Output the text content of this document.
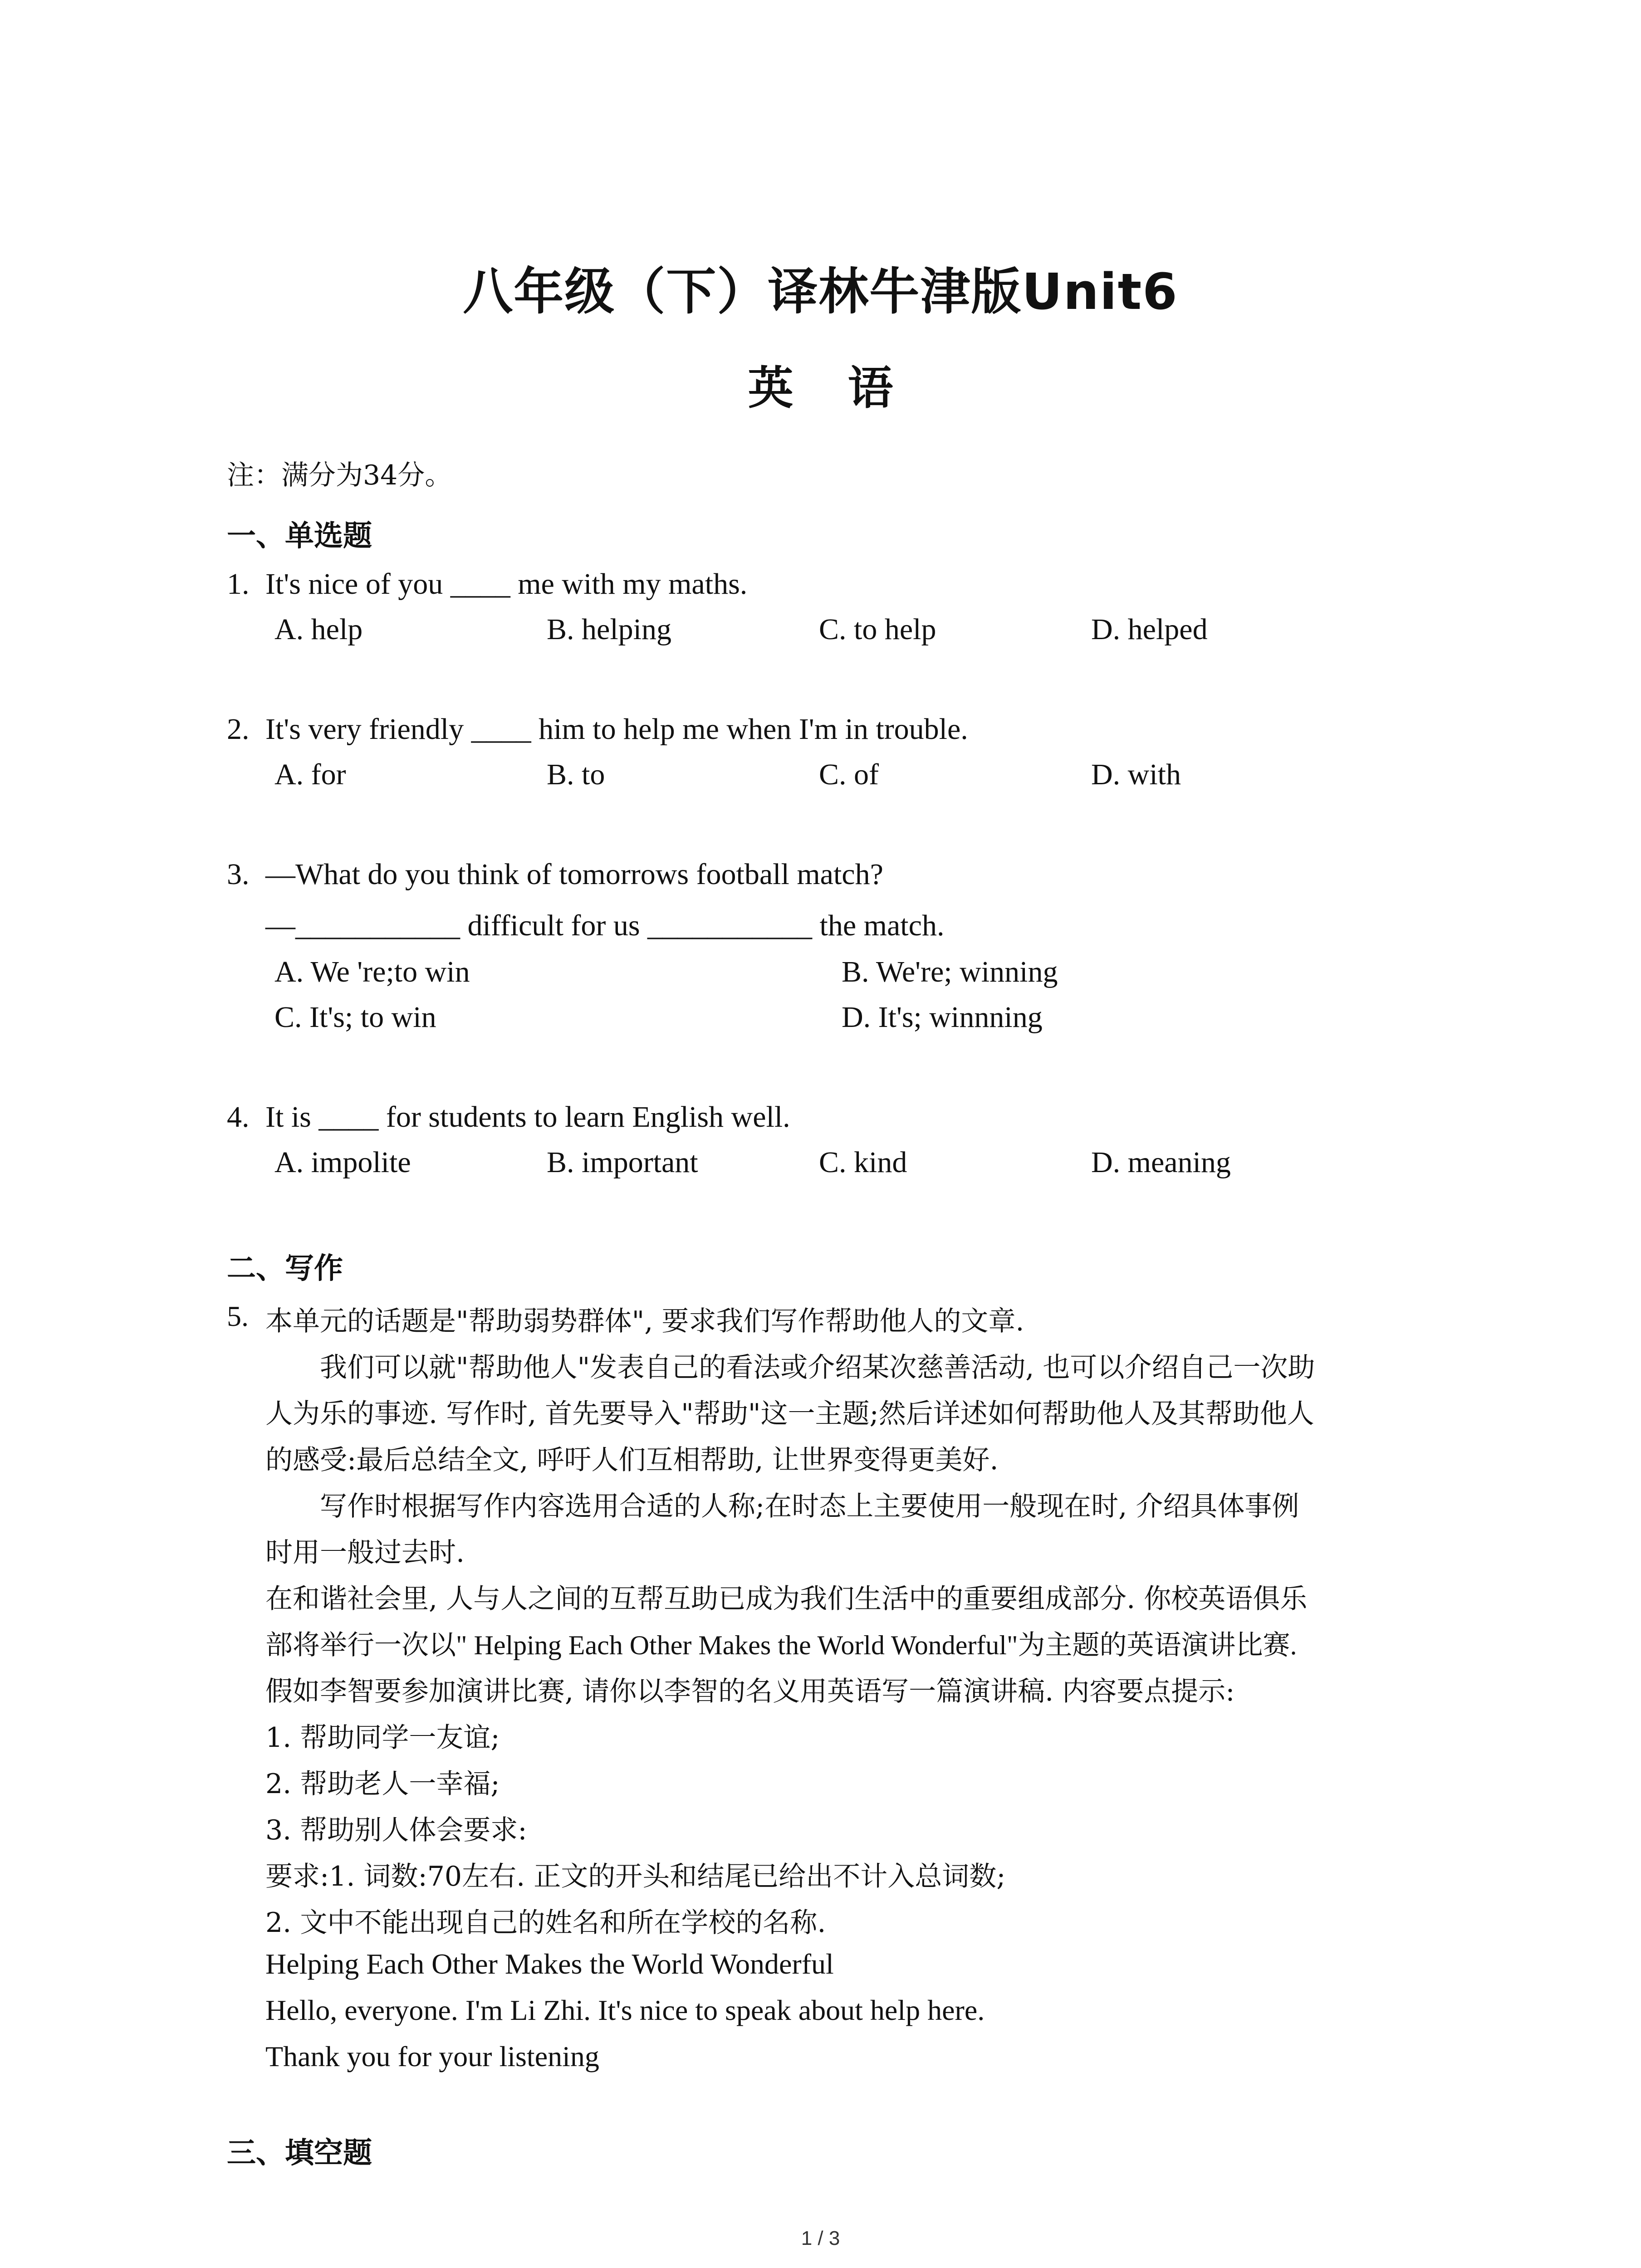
八年级（下）译林牛津版Unit6
英语
注：满分为34分。
一、单选题
1. It's nice of you ____ me with my maths.
A. help	B. helping	C. to help	D. helped
2. It's very friendly ____ him to help me when I'm in trouble.
A. for	B. to	C. of	D. with
3. —What do you think of tomorrows football match?
—___________ difficult for us ___________ the match.
A. We 're;to win	B. We're; winning
C. It's; to win	D. It's; winnning
4. It is ____ for students to learn English well.
A. impolite	B. important	C. kind	D. meaning
二、写作
5. 本单元的话题是"帮助弱势群体", 要求我们写作帮助他人的文章.
我们可以就"帮助他人"发表自己的看法或介绍某次慈善活动, 也可以介绍自己一次助
人为乐的事迹. 写作时, 首先要导入"帮助"这一主题;然后详述如何帮助他人及其帮助他人
的感受:最后总结全文, 呼吁人们互相帮助, 让世界变得更美好.
写作时根据写作内容选用合适的人称;在时态上主要使用一般现在时, 介绍具体事例
时用一般过去时.
在和谐社会里, 人与人之间的互帮互助已成为我们生活中的重要组成部分. 你校英语俱乐
部将举行一次以" Helping Each Other Makes the World Wonderful"为主题的英语演讲比赛.
假如李智要参加演讲比赛, 请你以李智的名义用英语写一篇演讲稿. 内容要点提示:
1. 帮助同学一友谊;
2. 帮助老人一幸福;
3. 帮助别人体会要求:
要求:1. 词数:70左右. 正文的开头和结尾已给出不计入总词数;
2. 文中不能出现自己的姓名和所在学校的名称.
Helping Each Other Makes the World Wonderful
Hello, everyone. I'm Li Zhi. It's nice to speak about help here.
Thank you for your listening
三、填空题
1 / 3
